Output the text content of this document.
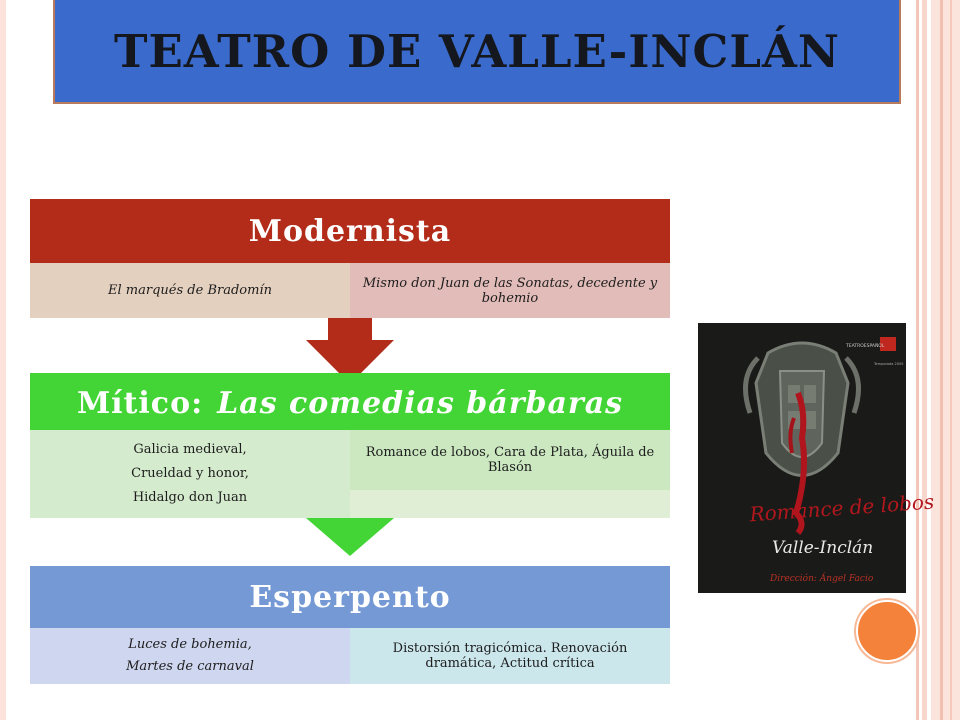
TEATRO DE VALLE-INCLÁN
Modernista
El marqués de Bradomín	Mismo don Juan de las Sonatas, decedente y bohemio
Mítico: Las comedias bárbaras
Galicia medieval,
Crueldad y honor,
Hidalgo don Juan
Romance de lobos, Cara de Plata, Águila de Blasón
Esperpento
Luces de bohemia,
Martes de carnaval
Distorsión tragicómica. Renovación dramática, Actitud crítica
TEATROESPAÑOL
Temporada 2005
Romance de lobos
Valle-Inclán
Dirección: Ángel Facio
